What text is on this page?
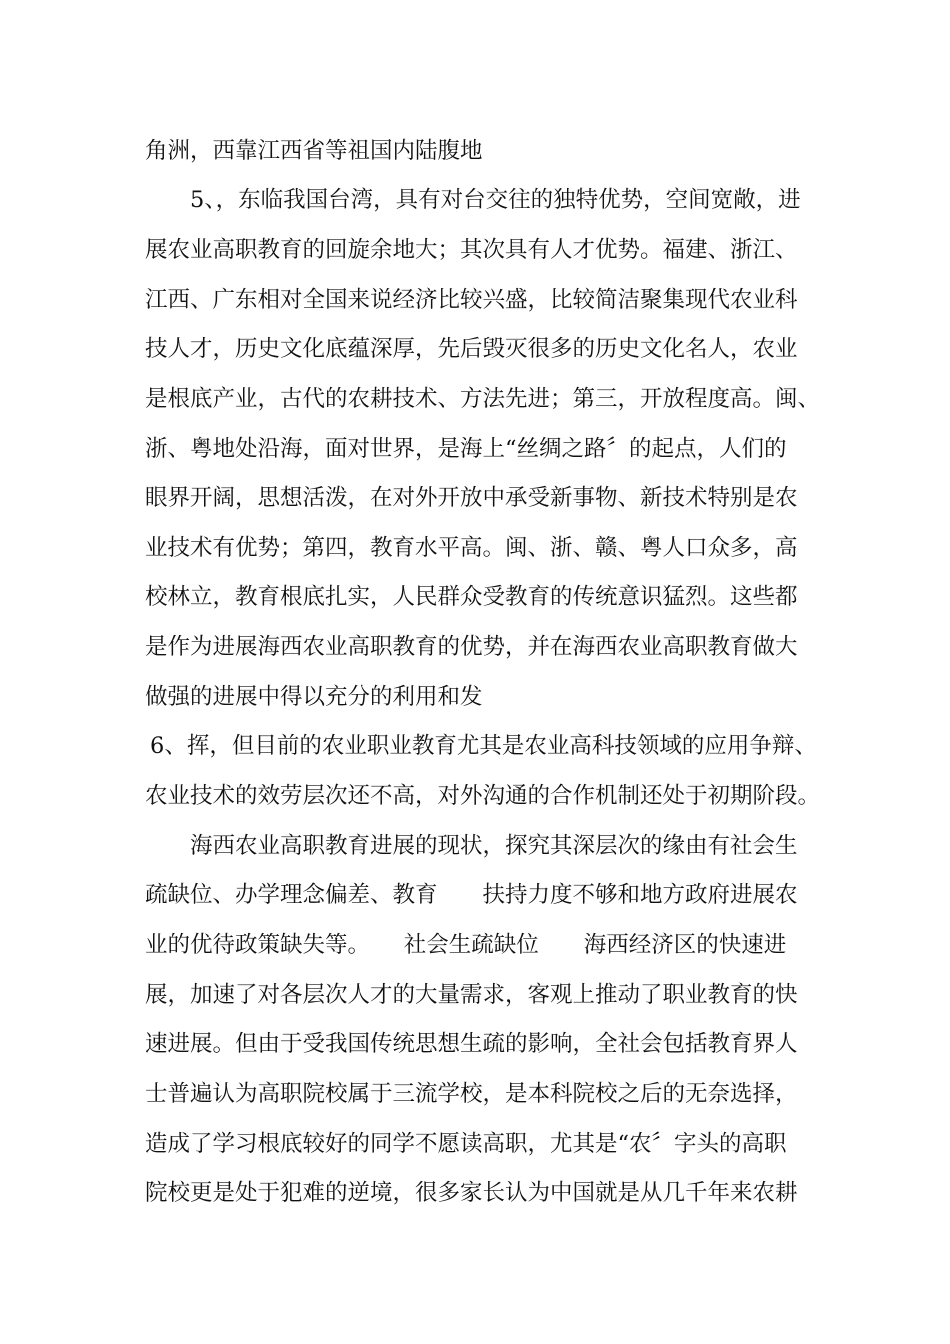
角洲，西靠江西省等祖国内陆腹地
5、，东临我国台湾，具有对台交往的独特优势，空间宽敞，进
展农业高职教育的回旋余地大；其次具有人才优势。福建、浙江、
江西、广东相对全国来说经济比较兴盛，比较简洁聚集现代农业科
技人才，历史文化底蕴深厚，先后毁灭很多的历史文化名人，农业
是根底产业，古代的农耕技术、方法先进；第三，开放程度高。闽、
浙、粤地处沿海，面对世界，是海上“丝绸之路〞的起点，人们的
眼界开阔，思想活泼，在对外开放中承受新事物、新技术特别是农
业技术有优势；第四，教育水平高。闽、浙、赣、粤人口众多，高
校林立，教育根底扎实，人民群众受教育的传统意识猛烈。这些都
是作为进展海西农业高职教育的优势，并在海西农业高职教育做大
做强的进展中得以充分的利用和发
6、挥，但目前的农业职业教育尤其是农业高科技领域的应用争辩、
农业技术的效劳层次还不高，对外沟通的合作机制还处于初期阶段。
海西农业高职教育进展的现状，探究其深层次的缘由有社会生
疏缺位、办学理念偏差、教育　　扶持力度不够和地方政府进展农
业的优待政策缺失等。　　社会生疏缺位　　海西经济区的快速进
展，加速了对各层次人才的大量需求，客观上推动了职业教育的快
速进展。但由于受我国传统思想生疏的影响，全社会包括教育界人
士普遍认为高职院校属于三流学校，是本科院校之后的无奈选择，
造成了学习根底较好的同学不愿读高职，尤其是“农〞字头的高职
院校更是处于犯难的逆境，很多家长认为中国就是从几千年来农耕
